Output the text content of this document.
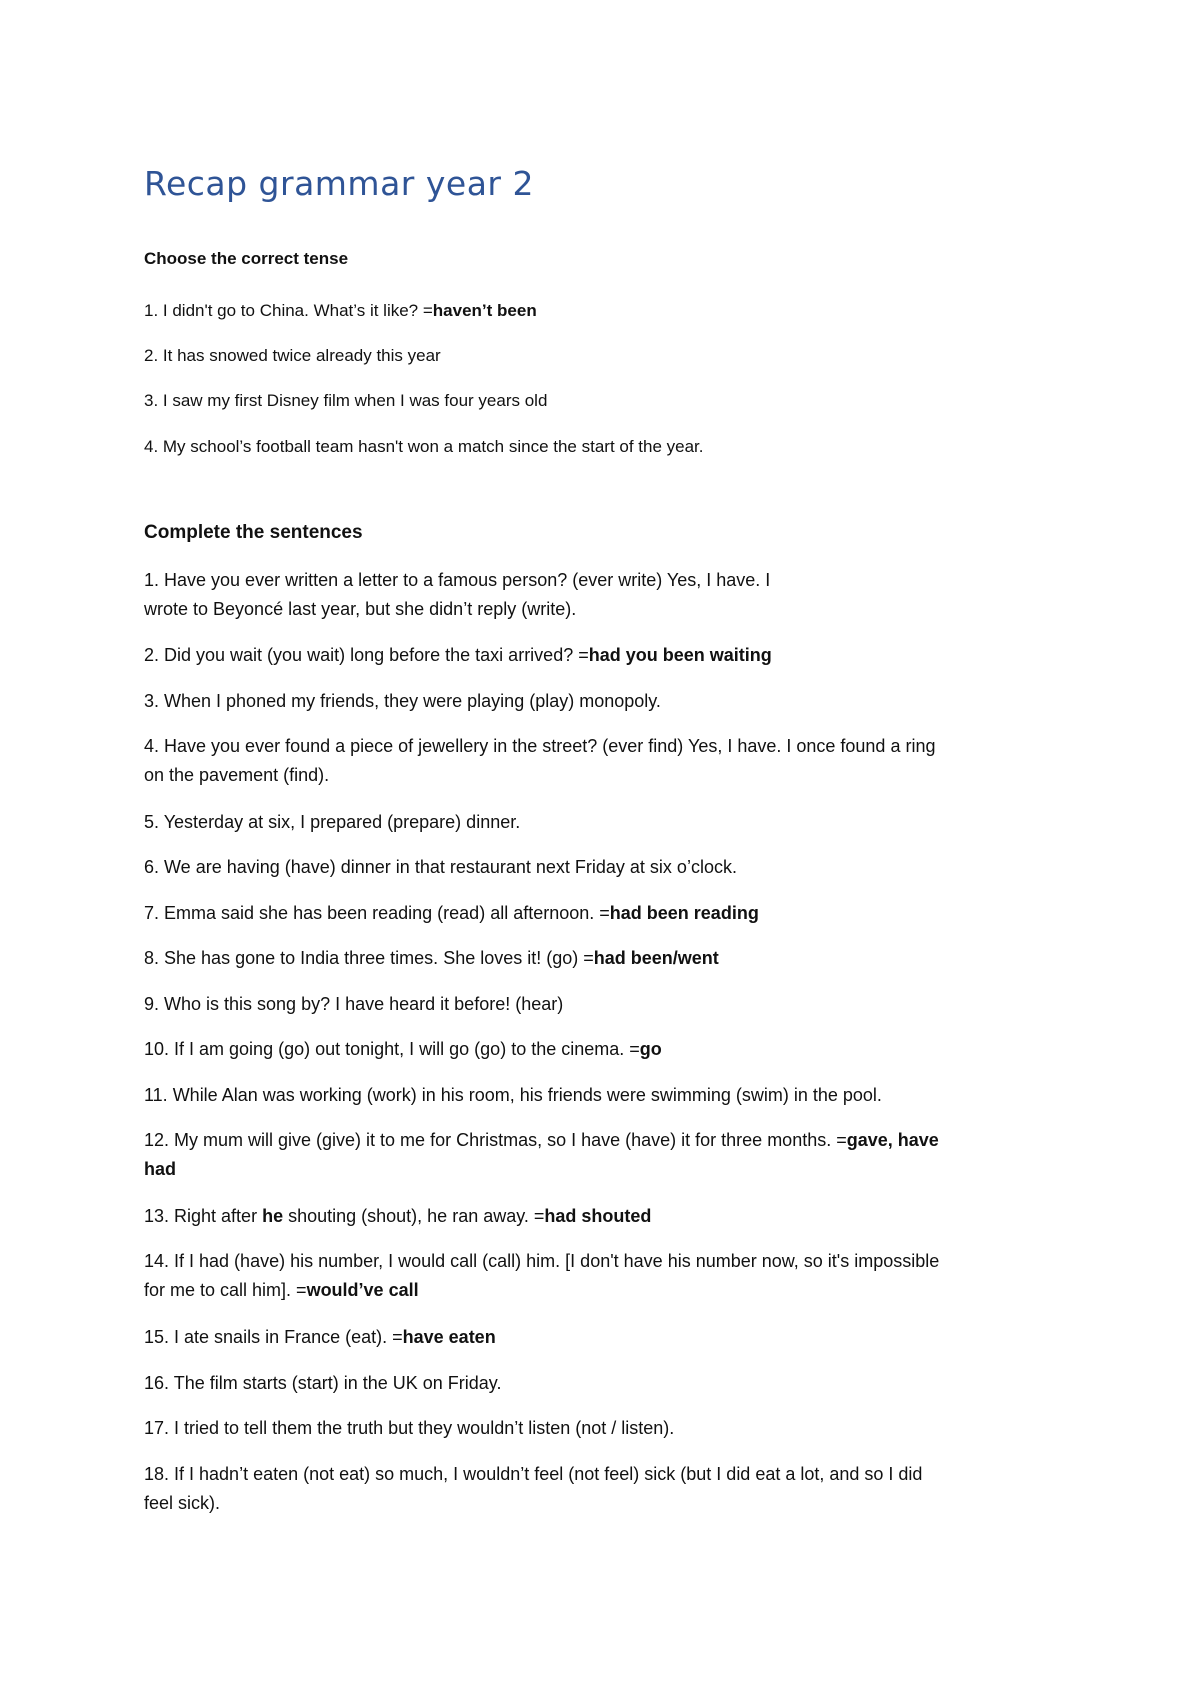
Recap grammar year 2
Choose the correct tense
1. I didn't go to China. What’s it like? =haven’t been
2. It has snowed twice already this year
3. I saw my first Disney film when I was four years old
4. My school’s football team hasn't won a match since the start of the year.
Complete the sentences
1. Have you ever written a letter to a famous person? (ever write) Yes, I have. I
wrote to Beyoncé last year, but she didn’t reply (write).
2. Did you wait (you wait) long before the taxi arrived? =had you been waiting
3. When I phoned my friends, they were playing (play) monopoly.
4. Have you ever found a piece of jewellery in the street? (ever find) Yes, I have. I once found a ring
on the pavement (find).
5. Yesterday at six, I prepared (prepare) dinner.
6. We are having (have) dinner in that restaurant next Friday at six o’clock.
7. Emma said she has been reading (read) all afternoon. =had been reading
8. She has gone to India three times. She loves it! (go) =had been/went
9. Who is this song by? I have heard it before! (hear)
10. If I am going (go) out tonight, I will go (go) to the cinema. =go
11. While Alan was working (work) in his room, his friends were swimming (swim) in the pool.
12. My mum will give (give) it to me for Christmas, so I have (have) it for three months. =gave, have
had
13. Right after he shouting (shout), he ran away. =had shouted
14. If I had (have) his number, I would call (call) him. [I don't have his number now, so it's impossible
for me to call him]. =would’ve call
15. I ate snails in France (eat). =have eaten
16. The film starts (start) in the UK on Friday.
17. I tried to tell them the truth but they wouldn’t listen (not / listen).
18. If I hadn’t eaten (not eat) so much, I wouldn’t feel (not feel) sick (but I did eat a lot, and so I did
feel sick).
